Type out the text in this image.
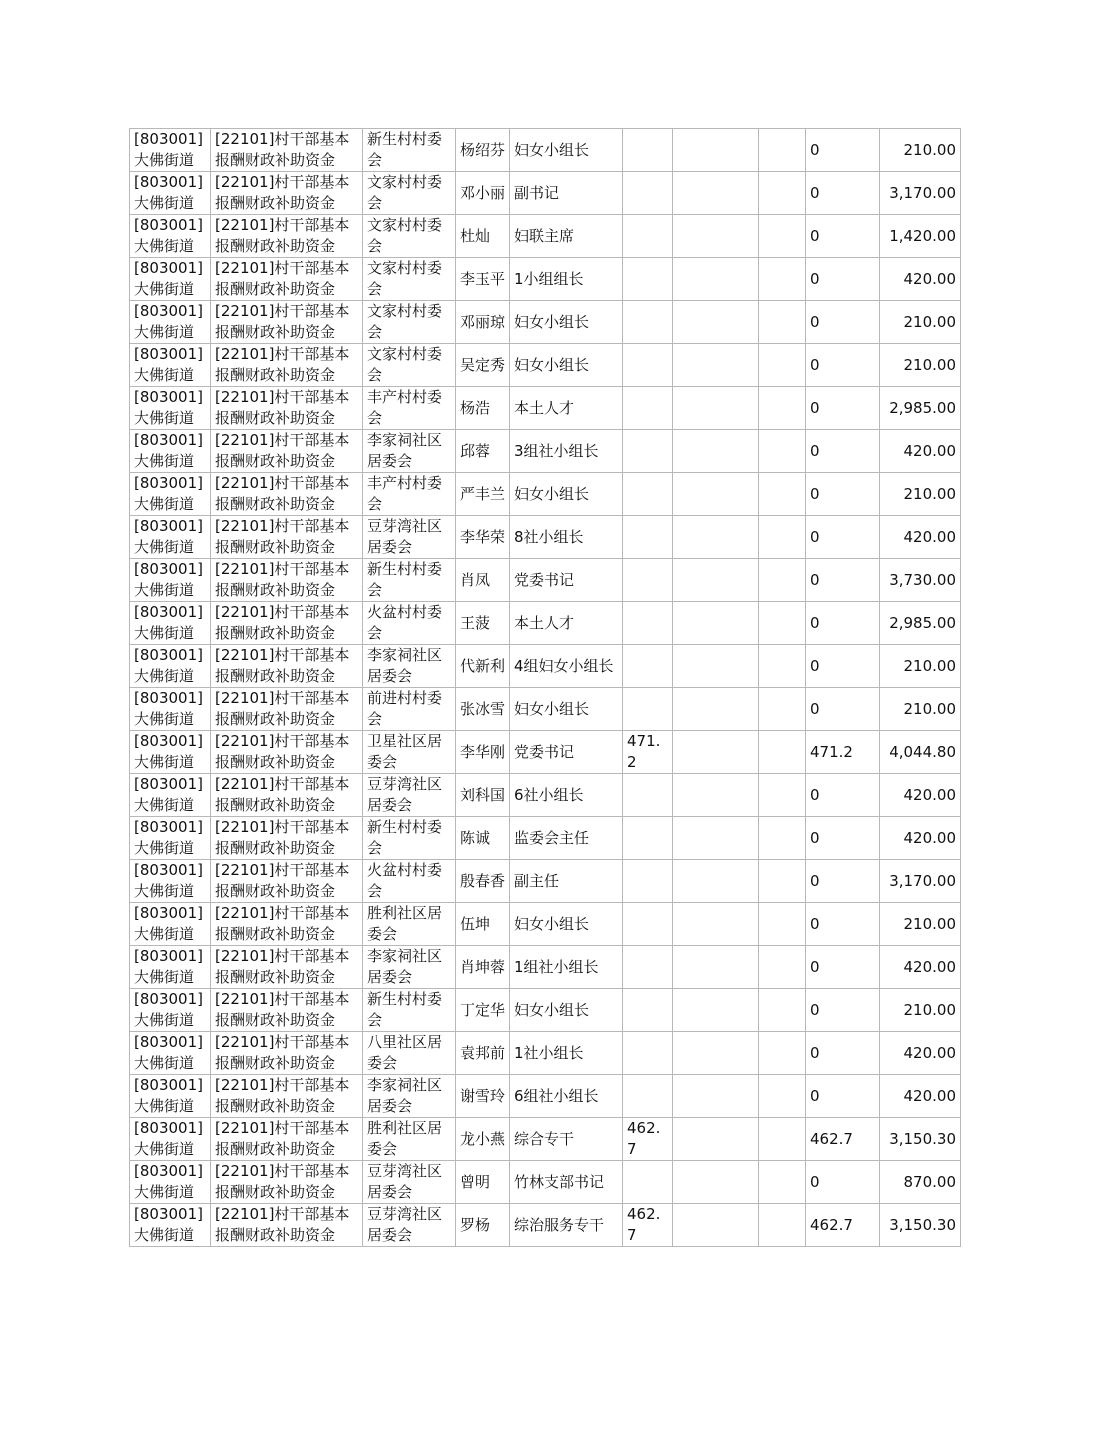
[803001]大佛街道	[22101]村干部基本报酬财政补助资金	新生村村委会	杨绍芬	妇女小组长				0	210.00
[803001]大佛街道	[22101]村干部基本报酬财政补助资金	文家村村委会	邓小丽	副书记				0	3,170.00
[803001]大佛街道	[22101]村干部基本报酬财政补助资金	文家村村委会	杜灿	妇联主席				0	1,420.00
[803001]大佛街道	[22101]村干部基本报酬财政补助资金	文家村村委会	李玉平	1小组组长				0	420.00
[803001]大佛街道	[22101]村干部基本报酬财政补助资金	文家村村委会	邓丽琼	妇女小组长				0	210.00
[803001]大佛街道	[22101]村干部基本报酬财政补助资金	文家村村委会	吴定秀	妇女小组长				0	210.00
[803001]大佛街道	[22101]村干部基本报酬财政补助资金	丰产村村委会	杨浩	本土人才				0	2,985.00
[803001]大佛街道	[22101]村干部基本报酬财政补助资金	李家祠社区居委会	邱蓉	3组社小组长				0	420.00
[803001]大佛街道	[22101]村干部基本报酬财政补助资金	丰产村村委会	严丰兰	妇女小组长				0	210.00
[803001]大佛街道	[22101]村干部基本报酬财政补助资金	豆芽湾社区居委会	李华荣	8社小组长				0	420.00
[803001]大佛街道	[22101]村干部基本报酬财政补助资金	新生村村委会	肖凤	党委书记				0	3,730.00
[803001]大佛街道	[22101]村干部基本报酬财政补助资金	火盆村村委会	王菠	本土人才				0	2,985.00
[803001]大佛街道	[22101]村干部基本报酬财政补助资金	李家祠社区居委会	代新利	4组妇女小组长				0	210.00
[803001]大佛街道	[22101]村干部基本报酬财政补助资金	前进村村委会	张冰雪	妇女小组长				0	210.00
[803001]大佛街道	[22101]村干部基本报酬财政补助资金	卫星社区居委会	李华刚	党委书记	471.2			471.2	4,044.80
[803001]大佛街道	[22101]村干部基本报酬财政补助资金	豆芽湾社区居委会	刘科国	6社小组长				0	420.00
[803001]大佛街道	[22101]村干部基本报酬财政补助资金	新生村村委会	陈诚	监委会主任				0	420.00
[803001]大佛街道	[22101]村干部基本报酬财政补助资金	火盆村村委会	殷春香	副主任				0	3,170.00
[803001]大佛街道	[22101]村干部基本报酬财政补助资金	胜利社区居委会	伍坤	妇女小组长				0	210.00
[803001]大佛街道	[22101]村干部基本报酬财政补助资金	李家祠社区居委会	肖坤蓉	1组社小组长				0	420.00
[803001]大佛街道	[22101]村干部基本报酬财政补助资金	新生村村委会	丁定华	妇女小组长				0	210.00
[803001]大佛街道	[22101]村干部基本报酬财政补助资金	八里社区居委会	袁邦前	1社小组长				0	420.00
[803001]大佛街道	[22101]村干部基本报酬财政补助资金	李家祠社区居委会	谢雪玲	6组社小组长				0	420.00
[803001]大佛街道	[22101]村干部基本报酬财政补助资金	胜利社区居委会	龙小燕	综合专干	462.7			462.7	3,150.30
[803001]大佛街道	[22101]村干部基本报酬财政补助资金	豆芽湾社区居委会	曾明	竹林支部书记				0	870.00
[803001]大佛街道	[22101]村干部基本报酬财政补助资金	豆芽湾社区居委会	罗杨	综治服务专干	462.7			462.7	3,150.30
